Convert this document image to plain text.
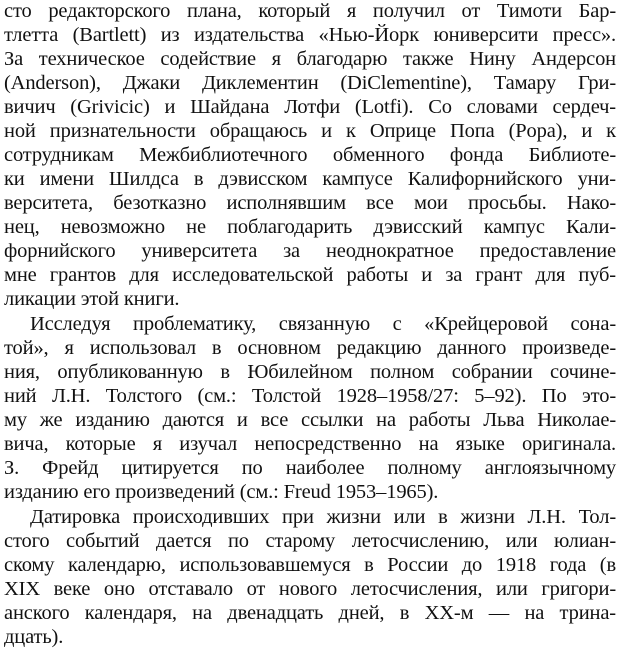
сто редакторского плана, который я получил от Тимоти Бар-
тлетта (Bartlett) из издательства «Нью-Йорк юниверсити пресс».
За техническое содействие я благодарю также Нину Андерсон
(Anderson), Джаки Диклементин (DiClementine), Тамару Гри-
вичич (Grivicic) и Шайдана Лотфи (Lotfi). Со словами сердеч-
ной признательности обращаюсь и к Оприце Попа (Popa), и к
сотрудникам Межбиблиотечного обменного фонда Библиоте-
ки имени Шилдса в дэвисском кампусе Калифорнийского уни-
верситета, безотказно исполнявшим все мои просьбы. Нако-
нец, невозможно не поблагодарить дэвисский кампус Кали-
форнийского университета за неоднократное предоставление
мне грантов для исследовательской работы и за грант для пуб-
ликации этой книги.
Исследуя проблематику, связанную с «Крейцеровой сона-
той», я использовал в основном редакцию данного произведе-
ния, опубликованную в Юбилейном полном собрании сочине-
ний Л.Н. Толстого (см.: Толстой 1928–1958/27: 5–92). По это-
му же изданию даются и все ссылки на работы Льва Николае-
вича, которые я изучал непосредственно на языке оригинала.
З. Фрейд цитируется по наиболее полному англоязычному
изданию его произведений (см.: Freud 1953–1965).
Датировка происходивших при жизни или в жизни Л.Н. Тол-
стого событий дается по старому летосчислению, или юлиан-
скому календарю, использовавшемуся в России до 1918 года (в
XIX веке оно отставало от нового летосчисления, или григори-
анского календаря, на двенадцать дней, в ХХ-м — на трина-
дцать).
